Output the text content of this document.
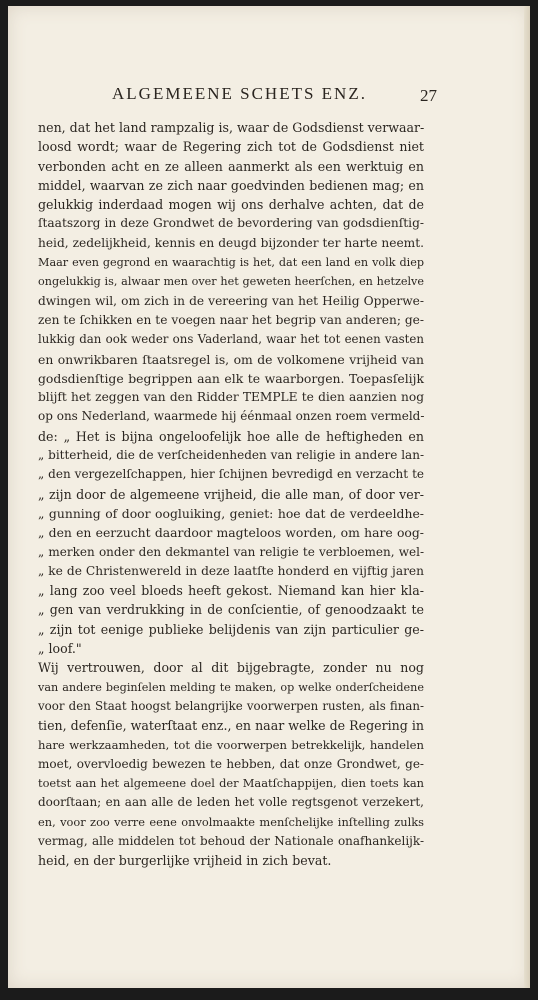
ALGEMEENE SCHETS ENZ.	27
nen, dat het land rampzalig is, waar de Godsdienst verwaar-
loosd wordt; waar de Regering zich tot de Godsdienst niet
verbonden acht en ze alleen aanmerkt als een werktuig en
middel, waarvan ze zich naar goedvinden bedienen mag; en
gelukkig inderdaad mogen wij ons derhalve achten, dat de
ſtaatszorg in deze Grondwet de bevordering van godsdienſtig-
heid, zedelijkheid, kennis en deugd bijzonder ter harte neemt.
Maar even gegrond en waarachtig is het, dat een land en volk diep
ongelukkig is, alwaar men over het geweten heerſchen, en hetzelve
dwingen wil, om zich in de vereering van het Heilig Opperwe-
zen te ſchikken en te voegen naar het begrip van anderen; ge-
lukkig dan ook weder ons Vaderland, waar het tot eenen vasten
en onwrikbaren ſtaatsregel is, om de volkomene vrijheid van
godsdienſtige begrippen aan elk te waarborgen. Toepasſelijk
blijft het zeggen van den Ridder TEMPLE te dien aanzien nog
op ons Nederland, waarmede hij éénmaal onzen roem vermeld-
de: „ Het is bijna ongeloofelijk hoe alle de heftigheden en
„ bitterheid, die de verſcheidenheden van religie in andere lan-
„ den vergezelſchappen, hier ſchijnen bevredigd en verzacht te
„ zijn door de algemeene vrijheid, die alle man, of door ver-
„ gunning of door oogluiking, geniet: hoe dat de verdeeldhe-
„ den en eerzucht daardoor magteloos worden, om hare oog-
„ merken onder den dekmantel van religie te verbloemen, wel-
„ ke de Christenwereld in deze laatſte honderd en vijftig jaren
„ lang zoo veel bloeds heeft gekost. Niemand kan hier kla-
„ gen van verdrukking in de conſcientie, of genoodzaakt te
„ zijn tot eenige publieke belijdenis van zijn particulier ge-
„ loof."
Wij vertrouwen, door al dit bijgebragte, zonder nu nog
van andere beginſelen melding te maken, op welke onderſcheidene
voor den Staat hoogst belangrijke voorwerpen rusten, als finan-
tien, defenſie, waterſtaat enz., en naar welke de Regering in
hare werkzaamheden, tot die voorwerpen betrekkelijk, handelen
moet, overvloedig bewezen te hebben, dat onze Grondwet, ge-
toetst aan het algemeene doel der Maatſchappijen, dien toets kan
doorſtaan; en aan alle de leden het volle regtsgenot verzekert,
en, voor zoo verre eene onvolmaakte menſchelijke inſtelling zulks
vermag, alle middelen tot behoud der Nationale onafhankelijk-
heid, en der burgerlijke vrijheid in zich bevat.
